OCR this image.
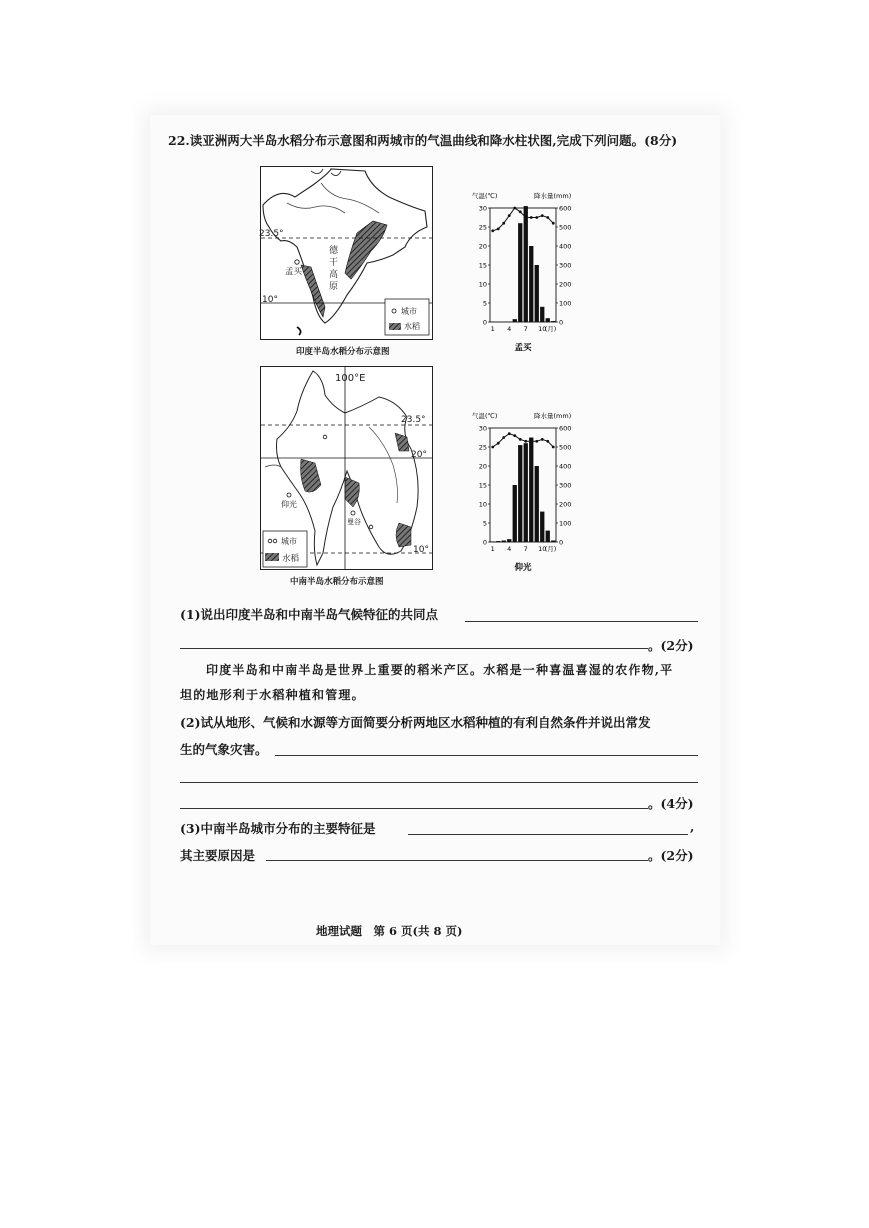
22.读亚洲两大半岛水稻分布示意图和两城市的气温曲线和降水柱状图,完成下列问题。(8分)
23.5°
10°
德
干
高
原
孟买
城市
水稻
印度半岛水稻分布示意图
气温(℃)	降水量(mm)
0
5
10
15
20
25
30
0
100
200
300
400
500
600
1 4 7 10
(月)
孟买
100°E
23.5°
20°
10°
仰光
曼谷
城市
水稻
中南半岛水稻分布示意图
气温(℃)	降水量(mm)
0
5
10
15
20
25
30
0
100
200
300
400
500
600
1 4 7 10
(月)
仰光
(1)说出印度半岛和中南半岛气候特征的共同点
。(2分)
印度半岛和中南半岛是世界上重要的稻米产区。水稻是一种喜温喜湿的农作物,平
坦的地形利于水稻种植和管理。
(2)试从地形、气候和水源等方面简要分析两地区水稻种植的有利自然条件并说出常发
生的气象灾害。
。(4分)
(3)中南半岛城市分布的主要特征是	,
其主要原因是	。(2分)
地理试题　第 6 页(共 8 页)
